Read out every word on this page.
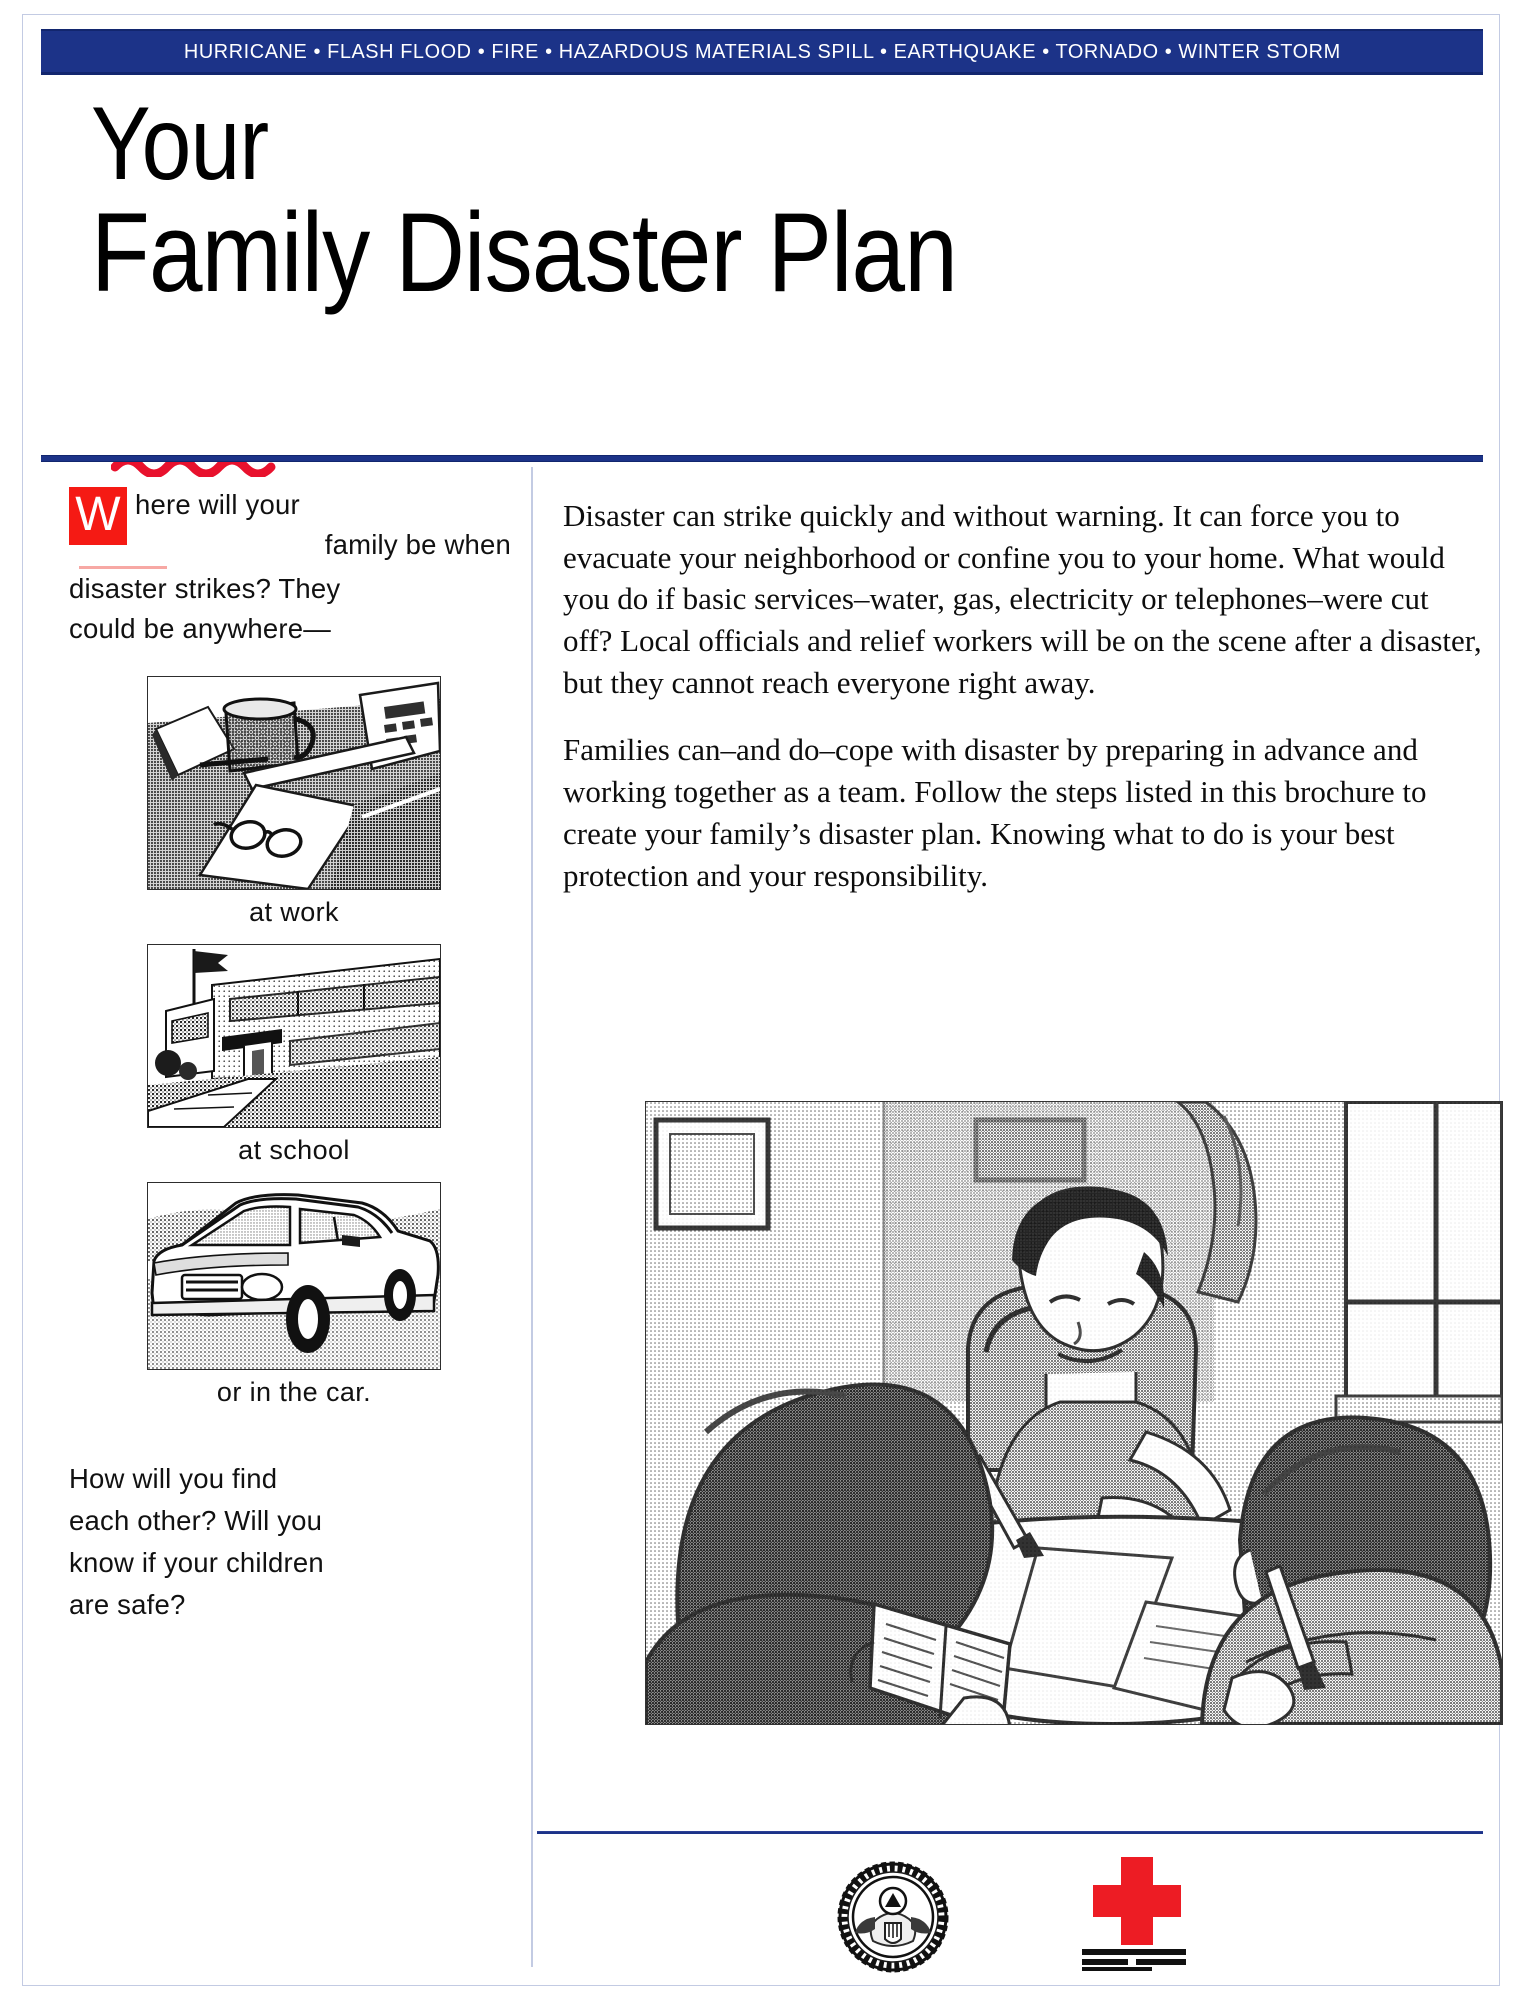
HURRICANE • FLASH FLOOD • FIRE • HAZARDOUS MATERIALS SPILL • EARTHQUAKE • TORNADO • WINTER STORM
Your
Family Disaster Plan
W here will your
family be when
disaster strikes? They
could be anywhere—
at work
at school
or in the car.
How will you find
each other? Will you
know if your children
are safe?

Disaster can strike quickly and without warning. It can force you to evacuate your neighborhood or confine you to your home. What would you do if basic services–water, gas, electricity or telephones–were cut off? Local officials and relief workers will be on the scene after a disaster, but they cannot reach everyone right away.

Families can–and do–cope with disaster by preparing in advance and working together as a team. Follow the steps listed in this brochure to create your family’s disaster plan. Knowing what to do is your best protection and your responsibility.
